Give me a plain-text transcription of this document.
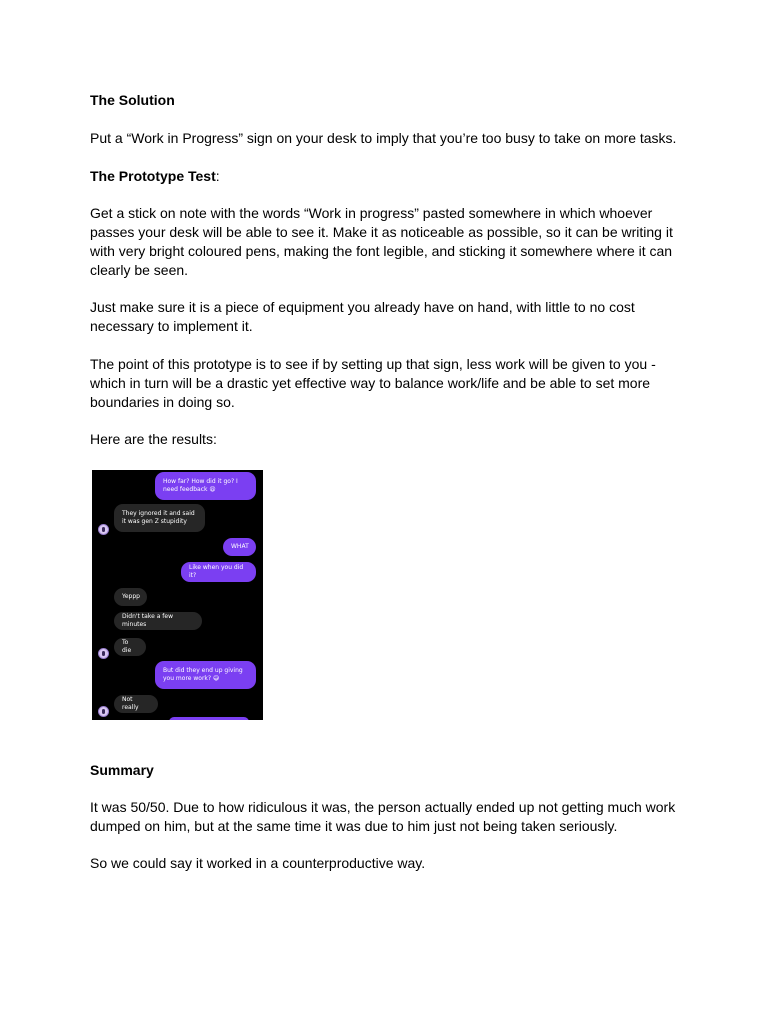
The Solution

Put a “Work in Progress” sign on your desk to imply that you’re too busy to take on more tasks.

The Prototype Test:

Get a stick on note with the words “Work in progress” pasted somewhere in which whoever passes your desk will be able to see it. Make it as noticeable as possible, so it can be writing it with very bright coloured pens, making the font legible, and sticking it somewhere where it can clearly be seen.

Just make sure it is a piece of equipment you already have on hand, with little to no cost necessary to implement it.

The point of this prototype is to see if by setting up that sign, less work will be given to you - which in turn will be a drastic yet effective way to balance work/life and be able to set more boundaries in doing so.

Here are the results:

How far? How did it go? I need feedback 😫
They ignored it and said it was gen Z stupidity
WHAT
Like when you did it?
Yeppp
Didn't take a few minutes
To die
But did they end up giving you more work? 😅
Not really

Summary

It was 50/50. Due to how ridiculous it was, the person actually ended up not getting much work dumped on him, but at the same time it was due to him just not being taken seriously.

So we could say it worked in a counterproductive way.
